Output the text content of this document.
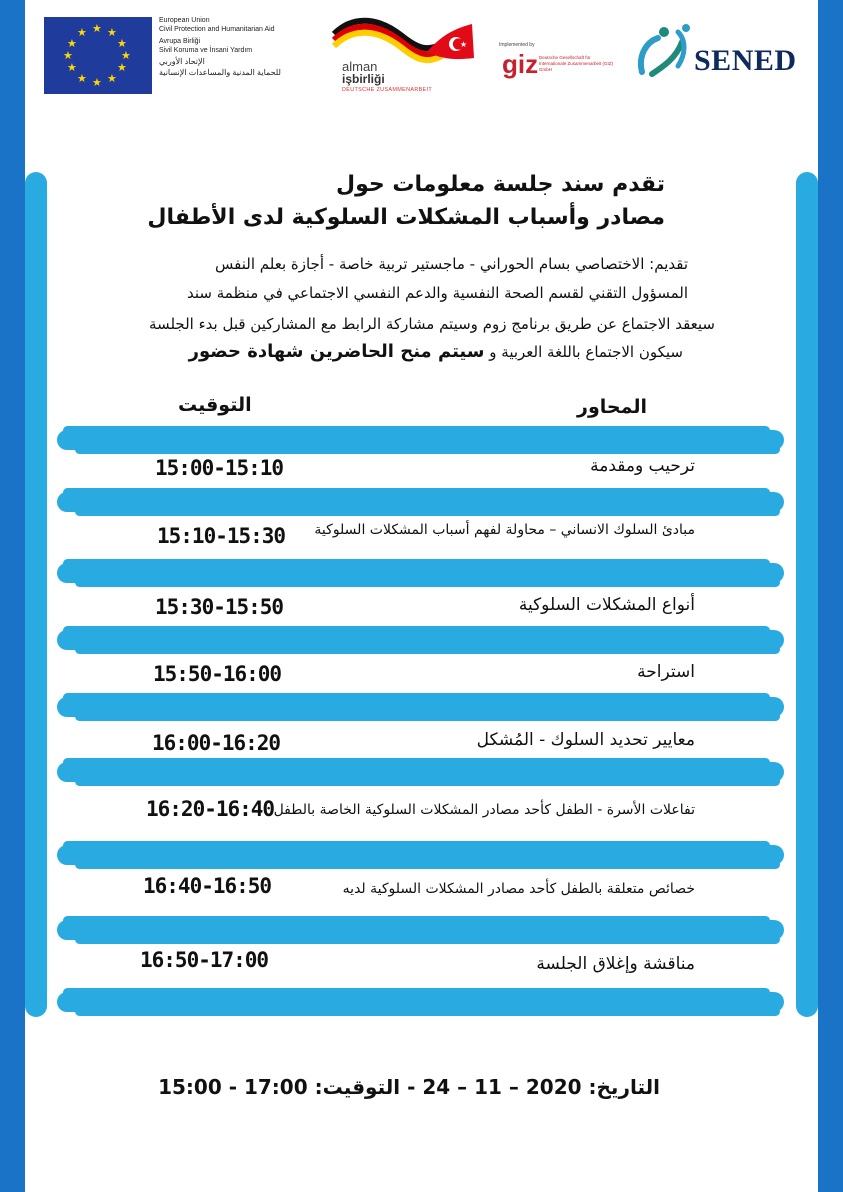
★ ★
★
★
★
★
★
★
★
★
★
★
European Union
Civil Protection and Humanitarian Aid
Avrupa Birliği
Sivil Koruma ve İnsani Yardım
الإتحاد الأوربي
للحماية المدنية والمساعدات الإنسانية
★
alman
işbirliği
DEUTSCHE ZUSAMMENARBEIT
Implemented by
giz Deutsche Gesellschaft für Internationale Zusammenarbeit (GIZ) GmbH	SENED
تقدم سند جلسة معلومات حول
مصادر وأسباب المشكلات السلوكية لدى الأطفال
تقديم: الاختصاصي بسام الحوراني - ماجستير تربية خاصة - أجازة بعلم النفس
المسؤول التقني لقسم الصحة النفسية والدعم النفسي الاجتماعي في منظمة سند
سيعقد الاجتماع عن طريق برنامج زوم وسيتم مشاركة الرابط مع المشاركين قبل بدء الجلسة
سيكون الاجتماع باللغة العربية و سيتم منح الحاضرين شهادة حضور
المحاور
التوقيت
ترحيب ومقدمة
15:00-15:10
مبادئ السلوك الانساني – محاولة لفهم أسباب المشكلات السلوكية
15:10-15:30
أنواع المشكلات السلوكية
15:30-15:50
استراحة
15:50-16:00
معايير تحديد السلوك - المُشكل
16:00-16:20
تفاعلات الأسرة - الطفل كأحد مصادر المشكلات السلوكية الخاصة بالطفل
16:20-16:40
خصائص متعلقة بالطفل كأحد مصادر المشكلات السلوكية لديه
16:40-16:50
مناقشة وإغلاق الجلسة
16:50-17:00
التاريخ: 24 – 11 – 2020 - التوقيت: 15:00 - 17:00
